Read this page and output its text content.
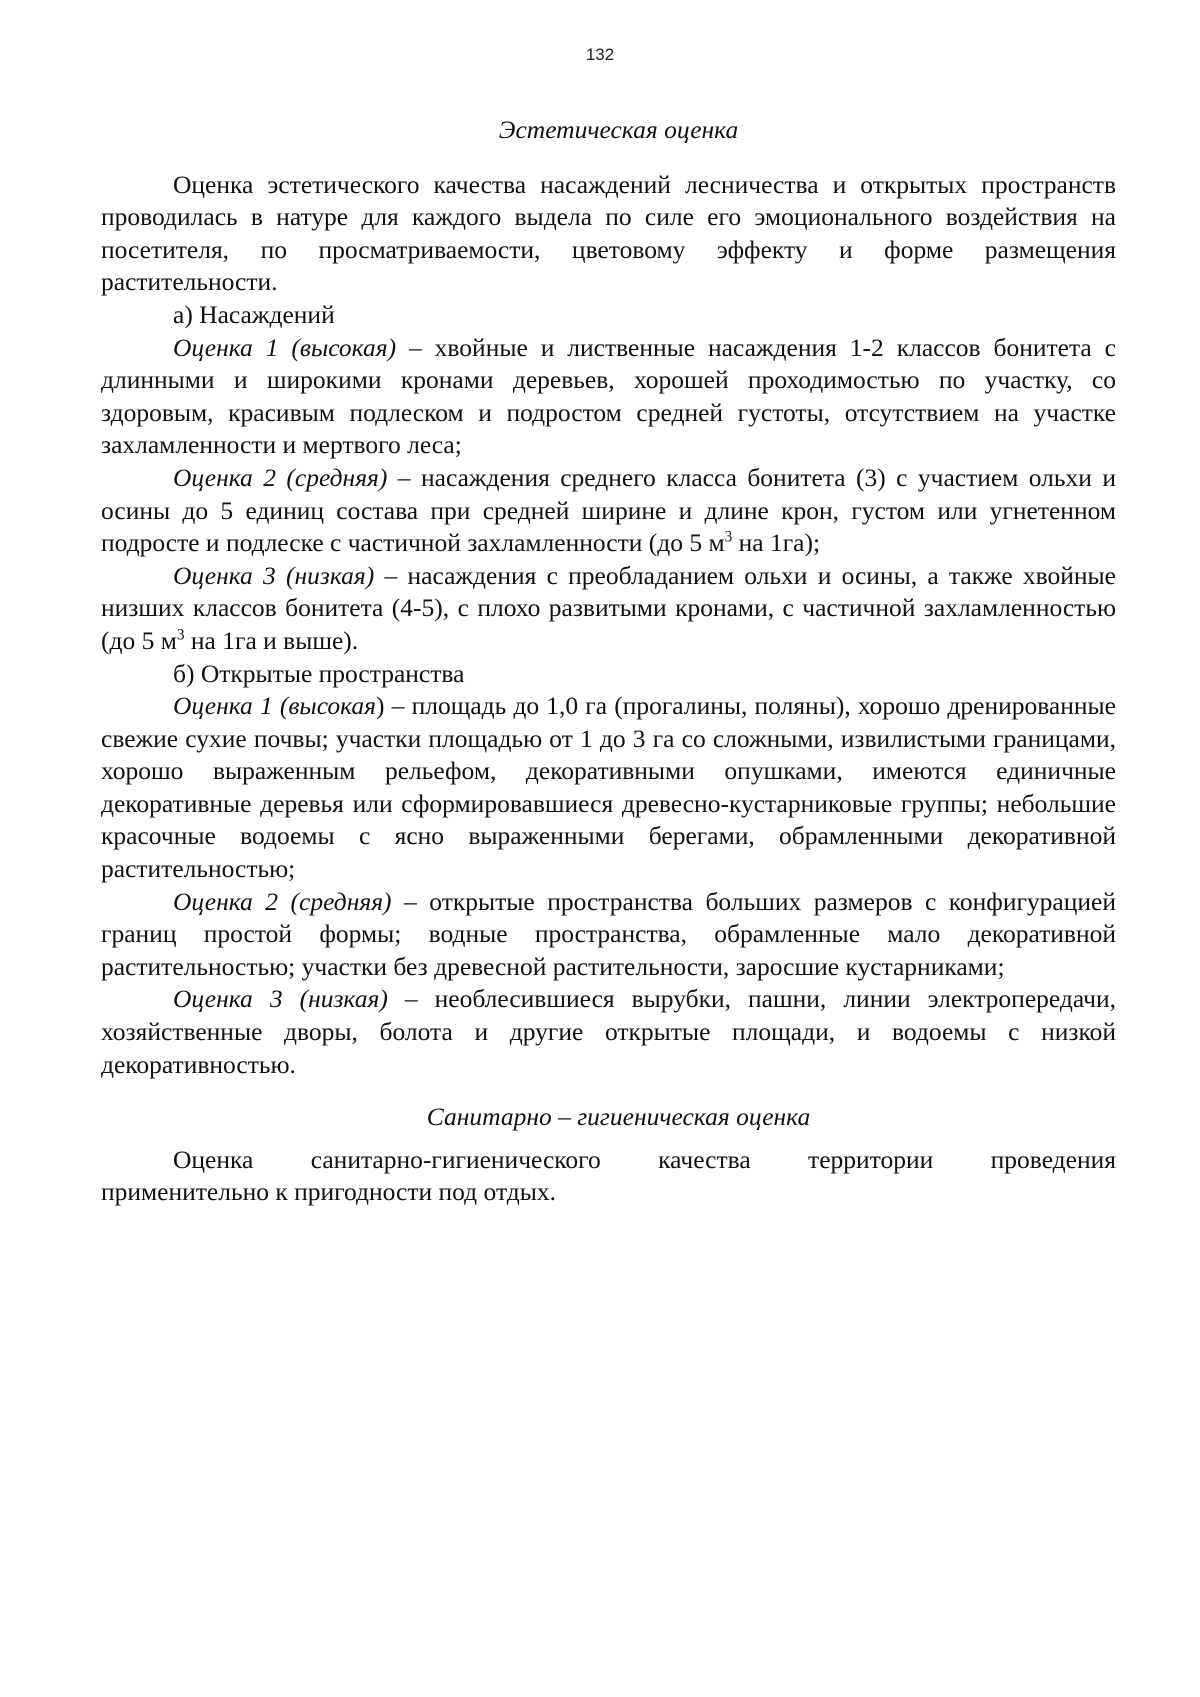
132

Эстетическая оценка

Оценка эстетического качества насаждений лесничества и открытых пространств проводилась в натуре для каждого выдела по силе его эмоционального воздействия на посетителя, по просматриваемости, цветовому эффекту и форме размещения растительности.

а) Насаждений

Оценка 1 (высокая) – хвойные и лиственные насаждения 1-2 классов бонитета с длинными и широкими кронами деревьев, хорошей проходимостью по участку, со здоровым, красивым подлеском и подростом средней густоты, отсутствием на участке захламленности и мертвого леса;

Оценка 2 (средняя) – насаждения среднего класса бонитета (3) с участием ольхи и осины до 5 единиц состава при средней ширине и длине крон, густом или угнетенном подросте и подлеске с частичной захламленности (до 5 $м^3$ на 1га);

Оценка 3 (низкая) – насаждения с преобладанием ольхи и осины, а также хвойные низших классов бонитета (4-5), с плохо развитыми кронами, с частичной захламленностью (до 5 $м^3$ на 1га и выше).

б) Открытые пространства

Оценка 1 (высокая) – площадь до 1,0 га (прогалины, поляны), хорошо дренированные свежие сухие почвы; участки площадью от 1 до 3 га со сложными, извилистыми границами, хорошо выраженным рельефом, декоративными опушками, имеются единичные декоративные деревья или сформировавшиеся древесно-кустарниковые группы; небольшие красочные водоемы с ясно выраженными берегами, обрамленными декоративной растительностью;

Оценка 2 (средняя) – открытые пространства больших размеров с конфигурацией границ простой формы; водные пространства, обрамленные мало декоративной растительностью; участки без древесной растительности, заросшие кустарниками;

Оценка 3 (низкая) – необлесившиеся вырубки, пашни, линии электропередачи, хозяйственные дворы, болота и другие открытые площади, и водоемы с низкой декоративностью.

Санитарно – гигиеническая оценка

Оценка санитарно-гигиенического качества территории проведения

применительно к пригодности под отдых.
